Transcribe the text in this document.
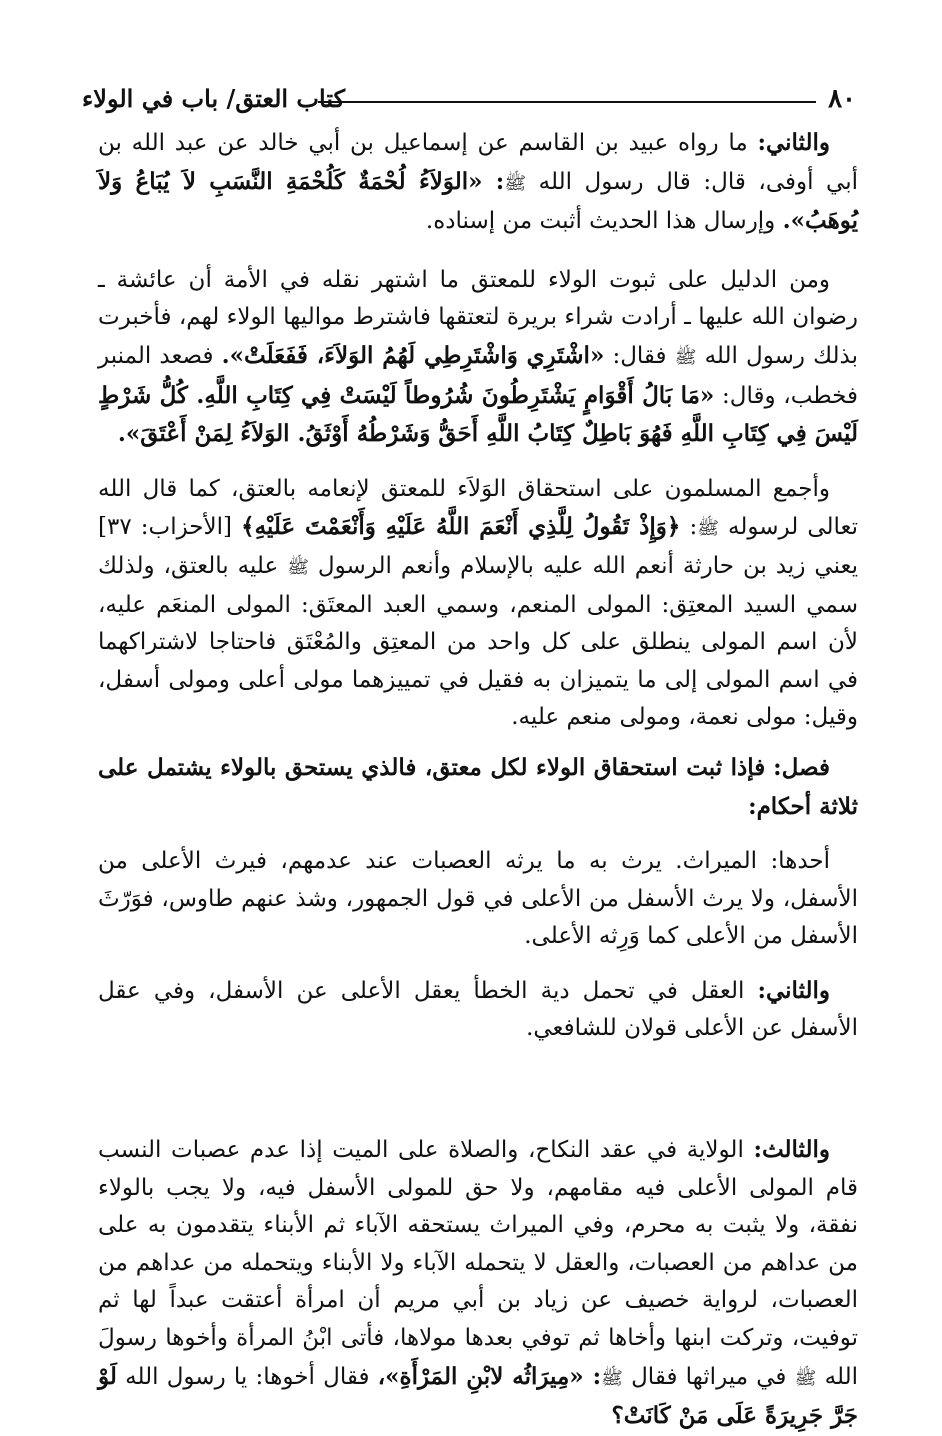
٨٠
كتاب العتق/ باب في الولاء

والثاني: ما رواه عبيد بن القاسم عن إسماعيل بن أبي خالد عن عبد الله بن أبي أوفى، قال: قال رسول الله ﷺ: «الوَلاَءُ لُحْمَةٌ كَلُحْمَةِ النَّسَبِ لاَ يُبَاعُ وَلاَ يُوهَبُ». وإرسال هذا الحديث أثبت من إسناده.

ومن الدليل على ثبوت الولاء للمعتق ما اشتهر نقله في الأمة أن عائشة ـ رضوان الله عليها ـ أرادت شراء بريرة لتعتقها فاشترط مواليها الولاء لهم، فأخبرت بذلك رسول الله ﷺ فقال: «اشْتَرِي وَاشْتَرِطِي لَهُمُ الوَلاَءَ، فَفَعَلَتْ». فصعد المنبر فخطب، وقال: «مَا بَالُ أَقْوَامٍ يَشْتَرِطُونَ شُرُوطاً لَيْسَتْ فِي كِتَابِ اللَّهِ. كُلُّ شَرْطٍ لَيْسَ فِي كِتَابِ اللَّهِ فَهُوَ بَاطِلٌ كِتَابُ اللَّهِ أَحَقُّ وَشَرْطُهُ أَوْثَقُ. الوَلاَءُ لِمَنْ أَعْتَقَ».

وأجمع المسلمون على استحقاق الوَلاَء للمعتق لإنعامه بالعتق، كما قال الله تعالى لرسوله ﷺ: ﴿وَإِذْ تَقُولُ لِلَّذِي أَنْعَمَ اللَّهُ عَلَيْهِ وَأَنْعَمْتَ عَلَيْهِ﴾ [الأحزاب: ٣٧] يعني زيد بن حارثة أنعم الله عليه بالإسلام وأنعم الرسول ﷺ عليه بالعتق، ولذلك سمي السيد المعتِق: المولى المنعم، وسمي العبد المعتَق: المولى المنعَم عليه، لأن اسم المولى ينطلق على كل واحد من المعتِق والمُعْتَق فاحتاجا لاشتراكهما في اسم المولى إلى ما يتميزان به فقيل في تمييزهما مولى أعلى ومولى أسفل، وقيل: مولى نعمة، ومولى منعم عليه.

فصل: فإذا ثبت استحقاق الولاء لكل معتق، فالذي يستحق بالولاء يشتمل على ثلاثة أحكام:

أحدها: الميراث. يرث به ما يرثه العصبات عند عدمهم، فيرث الأعلى من الأسفل، ولا يرث الأسفل من الأعلى في قول الجمهور، وشذ عنهم طاوس، فوَرّثَ الأسفل من الأعلى كما وَرِثه الأعلى.

والثاني: العقل في تحمل دية الخطأ يعقل الأعلى عن الأسفل، وفي عقل الأسفل عن الأعلى قولان للشافعي.

والثالث: الولاية في عقد النكاح، والصلاة على الميت إذا عدم عصبات النسب قام المولى الأعلى فيه مقامهم، ولا حق للمولى الأسفل فيه، ولا يجب بالولاء نفقة، ولا يثبت به محرم، وفي الميراث يستحقه الآباء ثم الأبناء يتقدمون به على من عداهم من العصبات، والعقل لا يتحمله الآباء ولا الأبناء ويتحمله من عداهم من العصبات، لرواية خصيف عن زياد بن أبي مريم أن امرأة أعتقت عبداً لها ثم توفيت، وتركت ابنها وأخاها ثم توفي بعدها مولاها، فأتى ابْنُ المرأة وأخوها رسولَ الله ﷺ في ميراثها فقال ﷺ: «مِيرَاثُه لابْنِ المَرْأَةِ»، فقال أخوها: يا رسول الله لَوْ جَرَّ جَرِيرَةً عَلَى مَنْ كَانَتْ؟
